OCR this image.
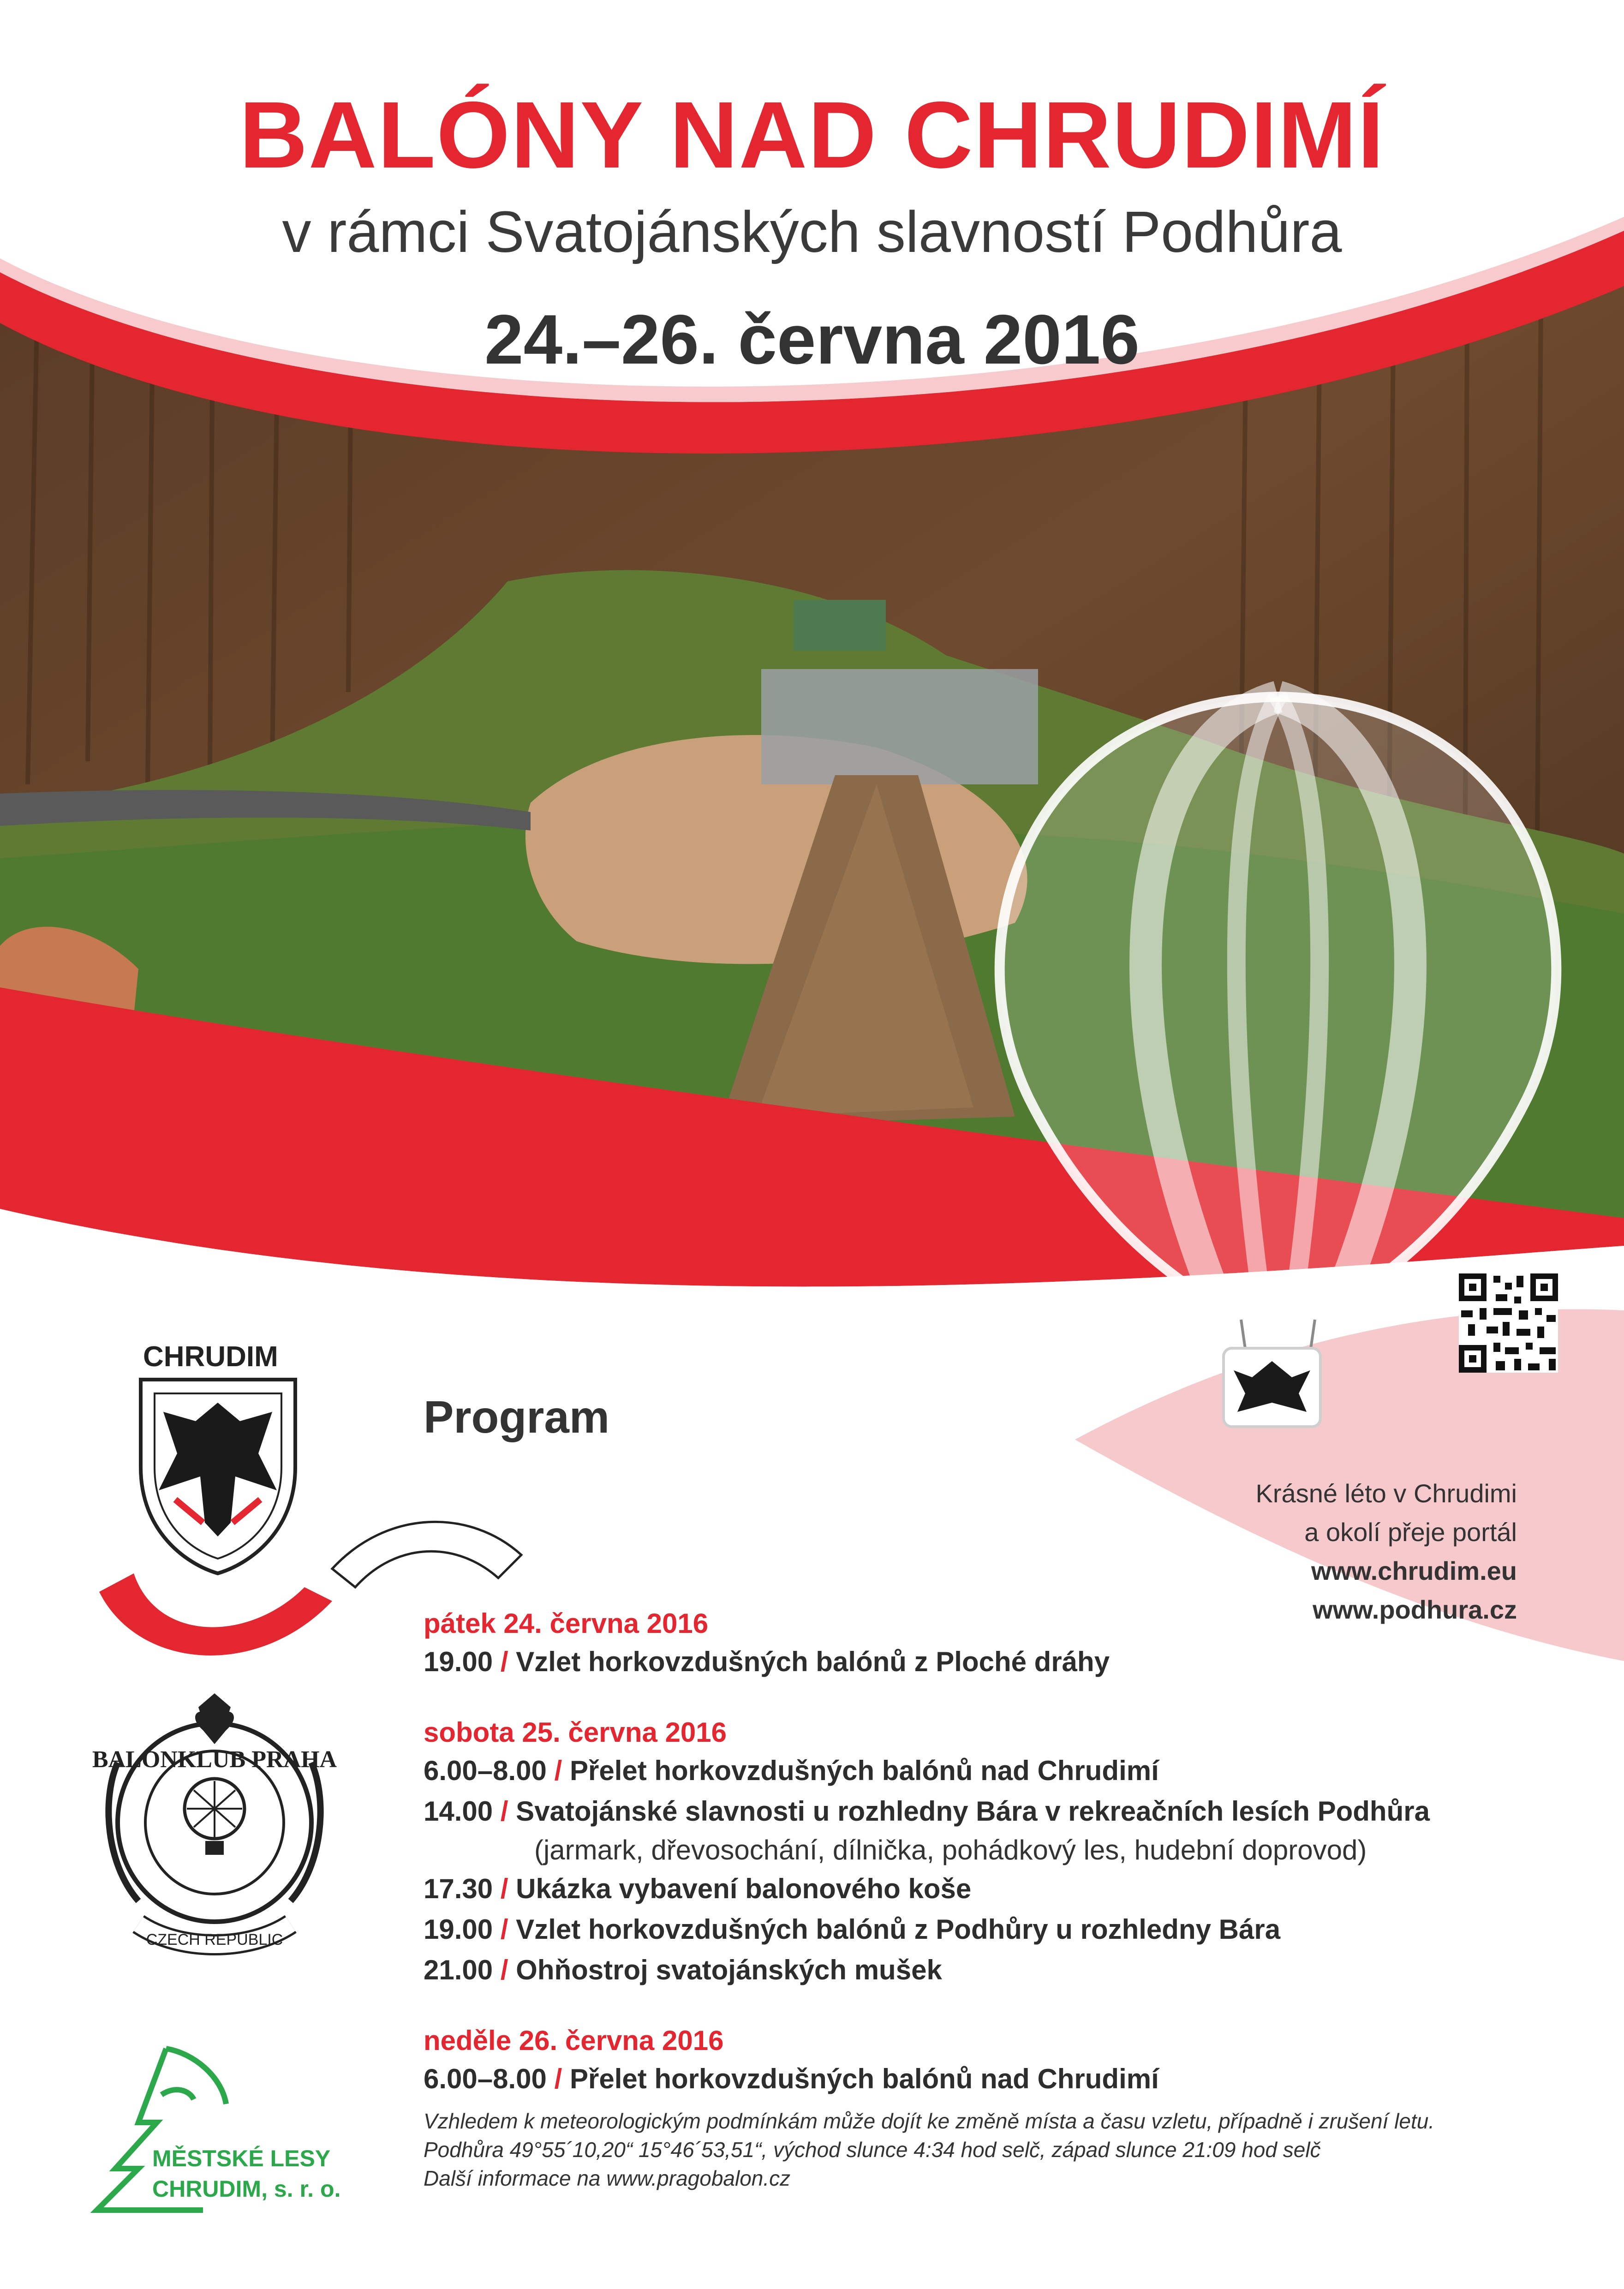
BALONKLUB PRAHA
CZECH REPUBLIC
BALÓNY NAD CHRUDIMÍ
v rámci Svatojánských slavností Podhůra
24.–26. června 2016
CHRUDIM
Program
Krásné léto v Chrudimi
a okolí přeje portál
www.chrudim.eu
www.podhura.cz
pátek 24. června 2016
19.00 / Vzlet horkovzdušných balónů z Ploché dráhy
sobota 25. června 2016
6.00–8.00 / Přelet horkovzdušných balónů nad Chrudimí
14.00 / Svatojánské slavnosti u rozhledny Bára v rekreačních lesích Podhůra
(jarmark, dřevosochání, dílnička, pohádkový les, hudební doprovod)
17.30 / Ukázka vybavení balonového koše
19.00 / Vzlet horkovzdušných balónů z Podhůry u rozhledny Bára
21.00 / Ohňostroj svatojánských mušek
neděle 26. června 2016
6.00–8.00 / Přelet horkovzdušných balónů nad Chrudimí
Vzhledem k meteorologickým podmínkám může dojít ke změně místa a času vzletu, případně i zrušení letu.
Podhůra 49°55´10,20“ 15°46´53,51“, východ slunce 4:34 hod selč, západ slunce 21:09 hod selč
Další informace na www.pragobalon.cz
MĚSTSKÉ LESY
CHRUDIM, s. r. o.
